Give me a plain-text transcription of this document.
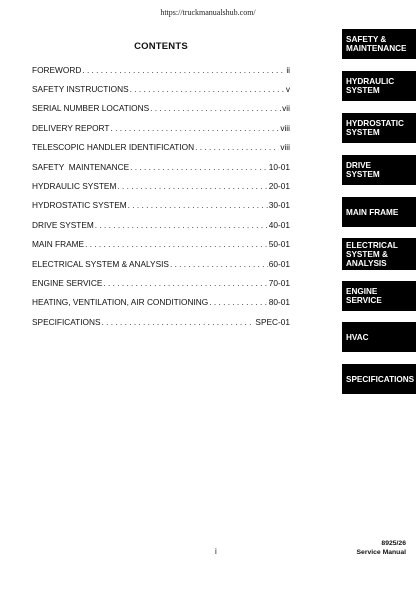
https://truckmanualshub.com/
CONTENTS
FOREWORD . . .	ii
SAFETY INSTRUCTIONS . . .	v
SERIAL NUMBER LOCATIONS . . .	vii
DELIVERY REPORT . . .	viii
TELESCOPIC HANDLER IDENTIFICATION . . .	viii
SAFETY  MAINTENANCE . . .	10-01
HYDRAULIC SYSTEM . . .	20-01
HYDROSTATIC SYSTEM . . .	30-01
DRIVE SYSTEM . . .	40-01
MAIN FRAME . . .	50-01
ELECTRICAL SYSTEM & ANALYSIS . . .	60-01
ENGINE SERVICE . . .	70-01
HEATING, VENTILATION, AIR CONDITIONING . . .	80-01
SPECIFICATIONS . . .	SPEC-01
SAFETY &
MAINTENANCE
HYDRAULIC
SYSTEM
HYDROSTATIC
SYSTEM
DRIVE
SYSTEM
MAIN FRAME
ELECTRICAL
SYSTEM &
ANALYSIS
ENGINE
SERVICE
HVAC
SPECIFICATIONS
i
8925/26
Service Manual
